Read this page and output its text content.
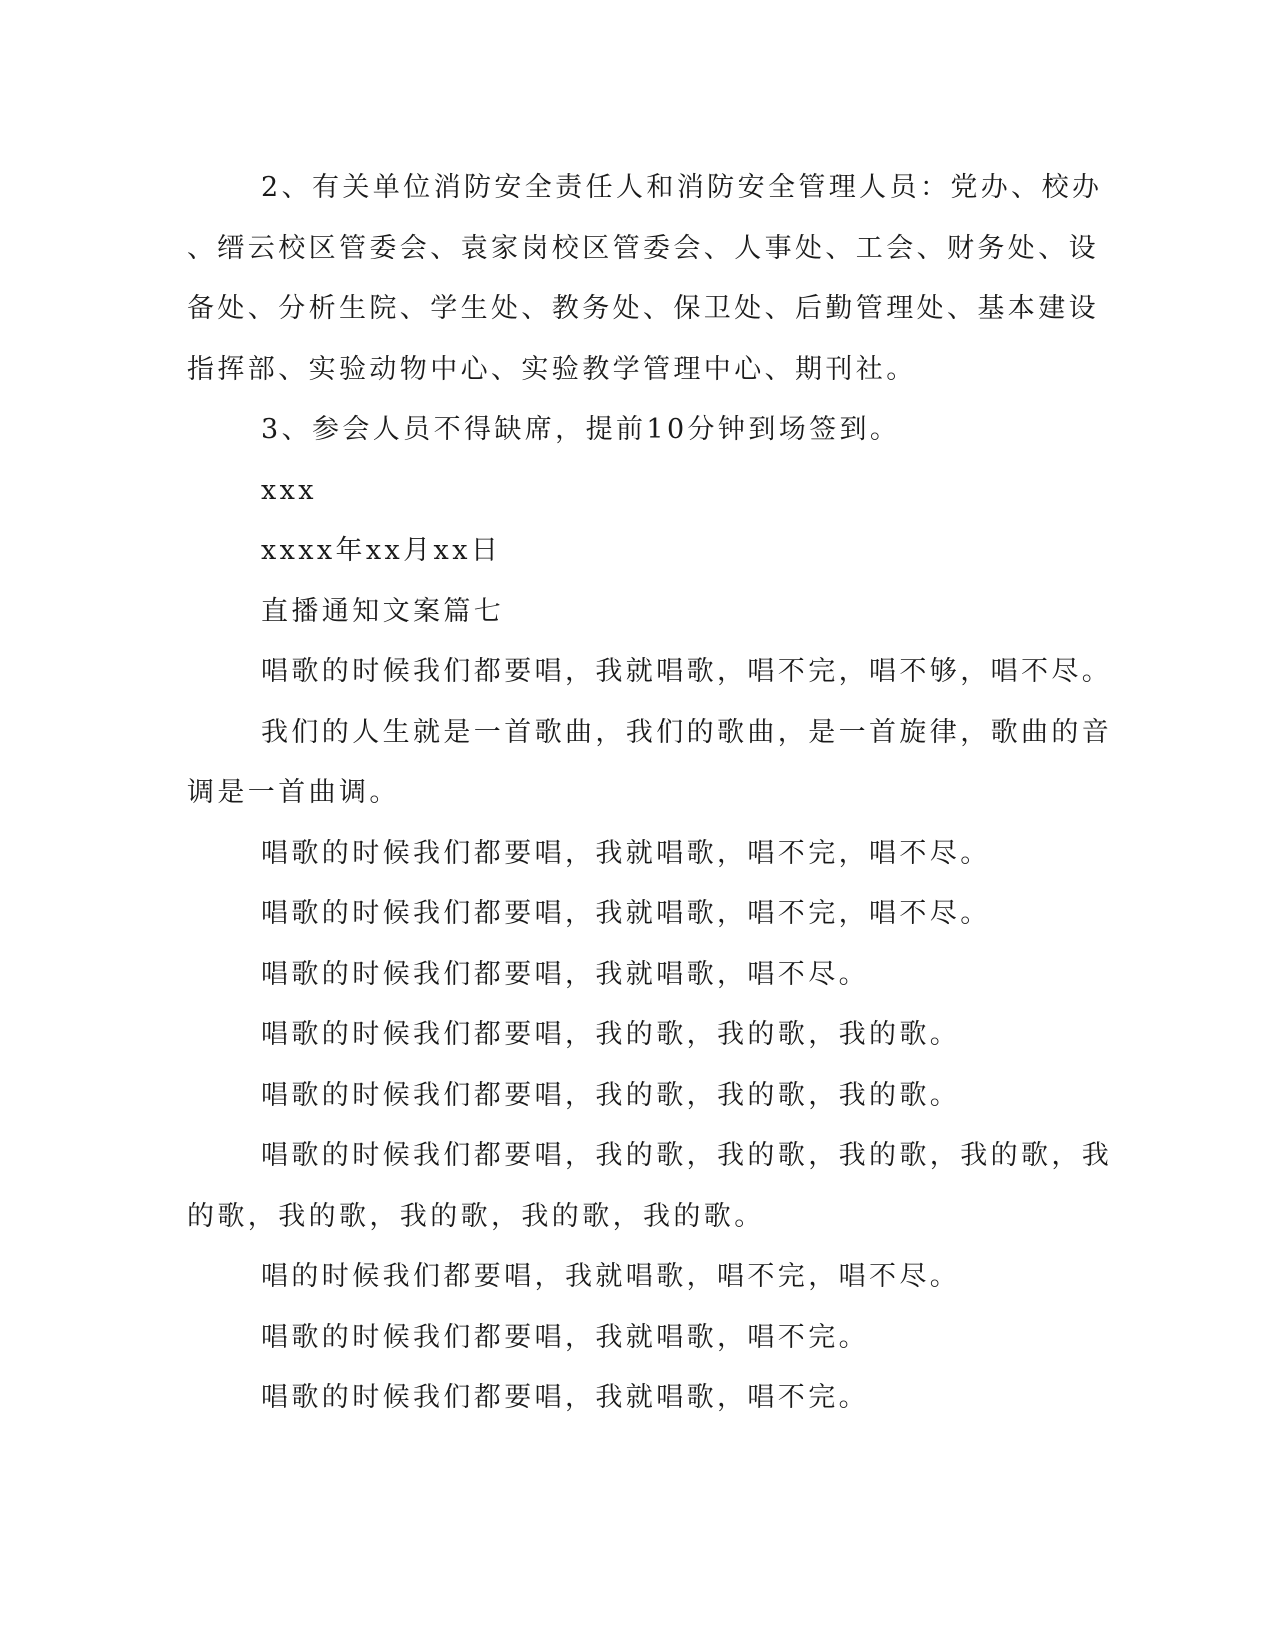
2、有关单位消防安全责任人和消防安全管理人员：党办、校办
、缙云校区管委会、袁家岗校区管委会、人事处、工会、财务处、设
备处、分析生院、学生处、教务处、保卫处、后勤管理处、基本建设
指挥部、实验动物中心、实验教学管理中心、期刊社。
3、参会人员不得缺席，提前10分钟到场签到。
xxx
xxxx年xx月xx日
直播通知文案篇七
唱歌的时候我们都要唱，我就唱歌，唱不完，唱不够，唱不尽。
我们的人生就是一首歌曲，我们的歌曲，是一首旋律，歌曲的音
调是一首曲调。
唱歌的时候我们都要唱，我就唱歌，唱不完，唱不尽。
唱歌的时候我们都要唱，我就唱歌，唱不完，唱不尽。
唱歌的时候我们都要唱，我就唱歌，唱不尽。
唱歌的时候我们都要唱，我的歌，我的歌，我的歌。
唱歌的时候我们都要唱，我的歌，我的歌，我的歌。
唱歌的时候我们都要唱，我的歌，我的歌，我的歌，我的歌，我
的歌，我的歌，我的歌，我的歌，我的歌。
唱的时候我们都要唱，我就唱歌，唱不完，唱不尽。
唱歌的时候我们都要唱，我就唱歌，唱不完。
唱歌的时候我们都要唱，我就唱歌，唱不完。
